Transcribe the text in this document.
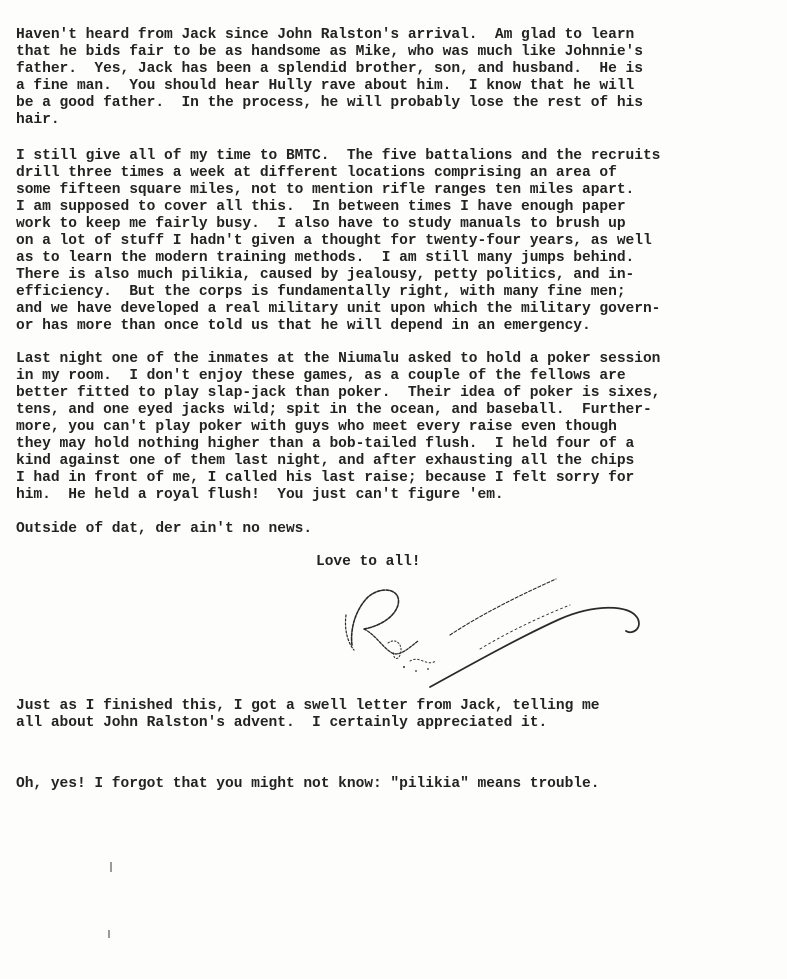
Haven't heard from Jack since John Ralston's arrival.  Am glad to learn
that he bids fair to be as handsome as Mike, who was much like Johnnie's
father.  Yes, Jack has been a splendid brother, son, and husband.  He is
a fine man.  You should hear Hully rave about him.  I know that he will
be a good father.  In the process, he will probably lose the rest of his
hair.
I still give all of my time to BMTC.  The five battalions and the recruits
drill three times a week at different locations comprising an area of
some fifteen square miles, not to mention rifle ranges ten miles apart.
I am supposed to cover all this.  In between times I have enough paper
work to keep me fairly busy.  I also have to study manuals to brush up
on a lot of stuff I hadn't given a thought for twenty-four years, as well
as to learn the modern training methods.  I am still many jumps behind.
There is also much pilikia, caused by jealousy, petty politics, and in-
efficiency.  But the corps is fundamentally right, with many fine men;
and we have developed a real military unit upon which the military govern-
or has more than once told us that he will depend in an emergency.
Last night one of the inmates at the Niumalu asked to hold a poker session
in my room.  I don't enjoy these games, as a couple of the fellows are
better fitted to play slap-jack than poker.  Their idea of poker is sixes,
tens, and one eyed jacks wild; spit in the ocean, and baseball.  Further-
more, you can't play poker with guys who meet every raise even though
they may hold nothing higher than a bob-tailed flush.  I held four of a
kind against one of them last night, and after exhausting all the chips
I had in front of me, I called his last raise; because I felt sorry for
him.  He held a royal flush!  You just can't figure 'em.
Outside of dat, der ain't no news.
Love to all!
Just as I finished this, I got a swell letter from Jack, telling me
all about John Ralston's advent.  I certainly appreciated it.
Oh, yes! I forgot that you might not know: "pilikia" means trouble.
